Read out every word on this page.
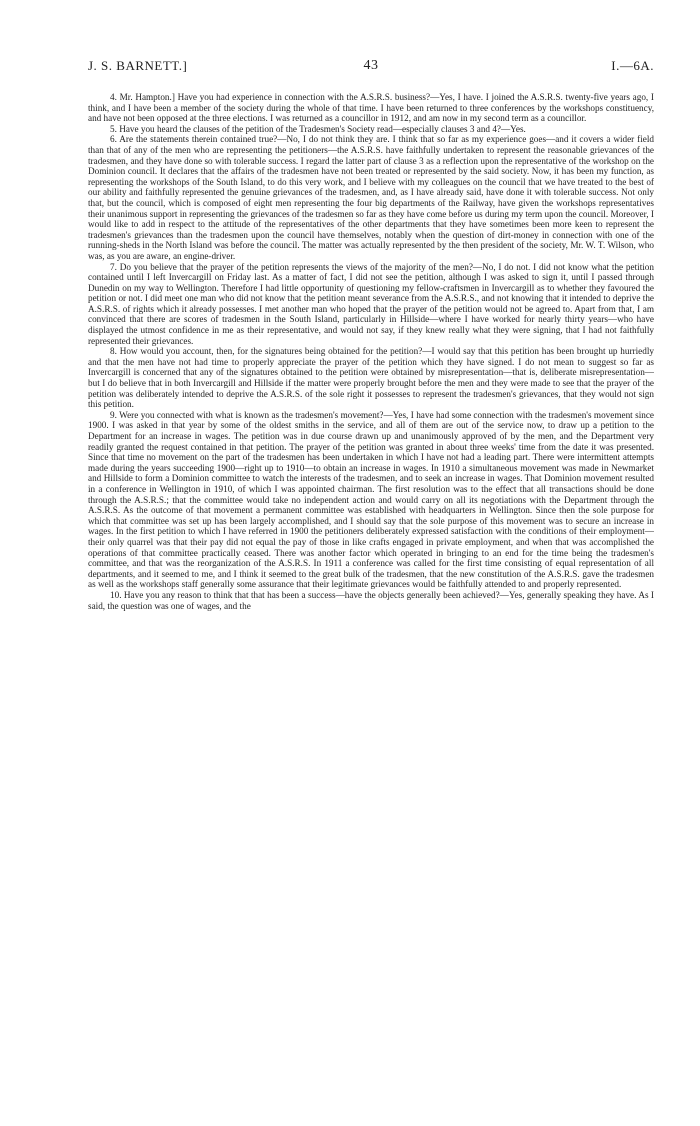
J. S. BARNETT.]	43	I.—6A.

4. Mr. Hampton.] Have you had experience in connection with the A.S.R.S. business?—Yes, I have. I joined the A.S.R.S. twenty-five years ago, I think, and I have been a member of the society during the whole of that time. I have been returned to three conferences by the workshops constituency, and have not been opposed at the three elections. I was returned as a councillor in 1912, and am now in my second term as a councillor.

5. Have you heard the clauses of the petition of the Tradesmen's Society read—especially clauses 3 and 4?—Yes.

6. Are the statements therein contained true?—No, I do not think they are. I think that so far as my experience goes—and it covers a wider field than that of any of the men who are representing the petitioners—the A.S.R.S. have faithfully undertaken to represent the reasonable grievances of the tradesmen, and they have done so with tolerable success. I regard the latter part of clause 3 as a reflection upon the representative of the workshop on the Dominion council. It declares that the affairs of the tradesmen have not been treated or represented by the said society. Now, it has been my function, as representing the workshops of the South Island, to do this very work, and I believe with my colleagues on the council that we have treated to the best of our ability and faithfully represented the genuine grievances of the tradesmen, and, as I have already said, have done it with tolerable success. Not only that, but the council, which is composed of eight men representing the four big departments of the Railway, have given the workshops representatives their unanimous support in representing the grievances of the tradesmen so far as they have come before us during my term upon the council. Moreover, I would like to add in respect to the attitude of the representatives of the other departments that they have sometimes been more keen to represent the tradesmen's grievances than the tradesmen upon the council have themselves, notably when the question of dirt-money in connection with one of the running-sheds in the North Island was before the council. The matter was actually represented by the then president of the society, Mr. W. T. Wilson, who was, as you are aware, an engine-driver.

7. Do you believe that the prayer of the petition represents the views of the majority of the men?—No, I do not. I did not know what the petition contained until I left Invercargill on Friday last. As a matter of fact, I did not see the petition, although I was asked to sign it, until I passed through Dunedin on my way to Wellington. Therefore I had little opportunity of questioning my fellow-craftsmen in Invercargill as to whether they favoured the petition or not. I did meet one man who did not know that the petition meant severance from the A.S.R.S., and not knowing that it intended to deprive the A.S.R.S. of rights which it already possesses. I met another man who hoped that the prayer of the petition would not be agreed to. Apart from that, I am convinced that there are scores of tradesmen in the South Island, particularly in Hillside—where I have worked for nearly thirty years—who have displayed the utmost confidence in me as their representative, and would not say, if they knew really what they were signing, that I had not faithfully represented their grievances.

8. How would you account, then, for the signatures being obtained for the petition?—I would say that this petition has been brought up hurriedly and that the men have not had time to properly appreciate the prayer of the petition which they have signed. I do not mean to suggest so far as Invercargill is concerned that any of the signatures obtained to the petition were obtained by misrepresentation—that is, deliberate misrepresentation—but I do believe that in both Invercargill and Hillside if the matter were properly brought before the men and they were made to see that the prayer of the petition was deliberately intended to deprive the A.S.R.S. of the sole right it possesses to represent the tradesmen's grievances, that they would not sign this petition.

9. Were you connected with what is known as the tradesmen's movement?—Yes, I have had some connection with the tradesmen's movement since 1900. I was asked in that year by some of the oldest smiths in the service, and all of them are out of the service now, to draw up a petition to the Department for an increase in wages. The petition was in due course drawn up and unanimously approved of by the men, and the Department very readily granted the request contained in that petition. The prayer of the petition was granted in about three weeks' time from the date it was presented. Since that time no movement on the part of the tradesmen has been undertaken in which I have not had a leading part. There were intermittent attempts made during the years succeeding 1900—right up to 1910—to obtain an increase in wages. In 1910 a simultaneous movement was made in Newmarket and Hillside to form a Dominion committee to watch the interests of the tradesmen, and to seek an increase in wages. That Dominion movement resulted in a conference in Wellington in 1910, of which I was appointed chairman. The first resolution was to the effect that all transactions should be done through the A.S.R.S.; that the committee would take no independent action and would carry on all its negotiations with the Department through the A.S.R.S. As the outcome of that movement a permanent committee was established with headquarters in Wellington. Since then the sole purpose for which that committee was set up has been largely accomplished, and I should say that the sole purpose of this movement was to secure an increase in wages. In the first petition to which I have referred in 1900 the petitioners deliberately expressed satisfaction with the conditions of their employment—their only quarrel was that their pay did not equal the pay of those in like crafts engaged in private employment, and when that was accomplished the operations of that committee practically ceased. There was another factor which operated in bringing to an end for the time being the tradesmen's committee, and that was the reorganization of the A.S.R.S. In 1911 a conference was called for the first time consisting of equal representation of all departments, and it seemed to me, and I think it seemed to the great bulk of the tradesmen, that the new constitution of the A.S.R.S. gave the tradesmen as well as the workshops staff generally some assurance that their legitimate grievances would be faithfully attended to and properly represented.

10. Have you any reason to think that that has been a success—have the objects generally been achieved?—Yes, generally speaking they have. As I said, the question was one of wages, and the
